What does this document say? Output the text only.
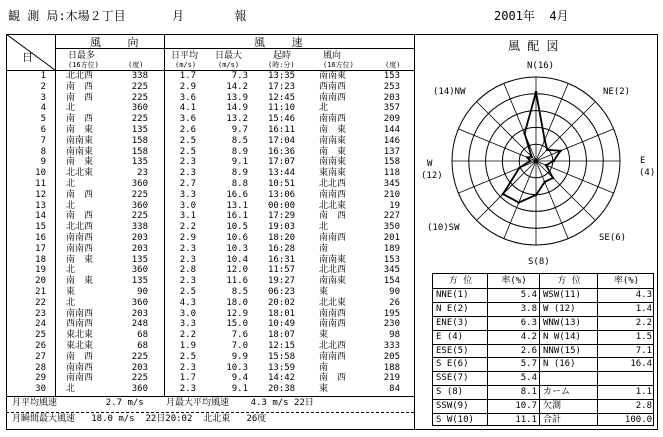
観 測 局:木場２丁目	月       報	2001年  4月
日
風    向	風    速
日最多
(16方位)	(度)
日平均
(m/s)
日最大
(m/s)
起時
(時:分)
風向
(16方位)	(度)
1 北北西	338	1.7	7.3 13:35	南南東	153
2 南　西	225	2.9	14.2 17:23	西南西	253
3 南　西	225	3.6	13.9 12:45	南南西	203
4 北	360	4.1	14.9 11:10	北	357
5 南　西	225	3.6	13.2 15:46	南南西	209
6 南　東	135	2.6	9.7 16:11	南　東	144
7 南南東	158	2.5	8.5 17:04	南南東	146
8 南南東	158	2.5	8.9 16:36	南　東	137
9 南　東	135	2.3	9.1 17:07	南南東	158
10 北北東	23	2.3	8.9 13:44	東南東	118
11 北	360	2.7	8.8 10:51	北北西	345
12 南　西	225	3.3	16.6 13:06	南南西	210
13 北	360	3.0	13.1 00:00	北北東	19
14 南　西	225	3.1	16.1 17:29	南　西	227
15 北北西	338	2.2	10.5 19:03	北	350
16 南南西	203	2.9	10.6 18:20	南南西	201
17 南南西	203	2.3	10.3 16:28	南	189
18 南　東	135	2.3	10.4 16:31	南南東	153
19 北	360	2.8	12.0 11:57	北北西	345
20 南　東	135	2.3	11.6 19:27	南南東	154
21 東	90	2.5	8.5 06:23	東	90
22 北	360	4.3	18.0 20:02	北北東	26
23 南南西	203	3.0	12.9 18:01	南南西	195
24 西南西	248	3.3	15.0 10:49	南南西	230
25 東北東	68	2.2	7.6 18:07	東	98
26 東北東	68	1.9	7.0 12:15	北北西	333
27 南　西	225	2.5	9.9 15:58	南南西	205
28 南南西	203	2.3	10.3 13:59	南	188
29 南南西	225	1.7	9.4 14:42	南　西	219
30 北	360	2.3	9.1 20:38	東	84
月平均風速         2.7 m/s 月最大平均風速    4.3 m/s 22日
月瞬間最大風速   18.0 m/s  22日20:02  北北東   26度
風 配 図
N(16)
NE(2)
E
(4)
SE(6)
S(8)
(10)SW
W
(12)
(14)NW
方 位	率(%)	方 位	率(%)
NNE(1)	5.4 WSW(11)	4.3
N E(2)	3.8 W (12)	1.4
ENE(3)	6.3 WNW(13)	2.2
E (4)	4.2 N W(14)	1.5
ESE(5)	2.6 NNW(15)	7.1
S E(6)	5.7 N (16)	16.4
SSE(7)	5.4
S (8)	8.1 カーム	1.1
SSW(9)	10.7 欠測	2.8
S W(10)	11.1 合計	100.0
